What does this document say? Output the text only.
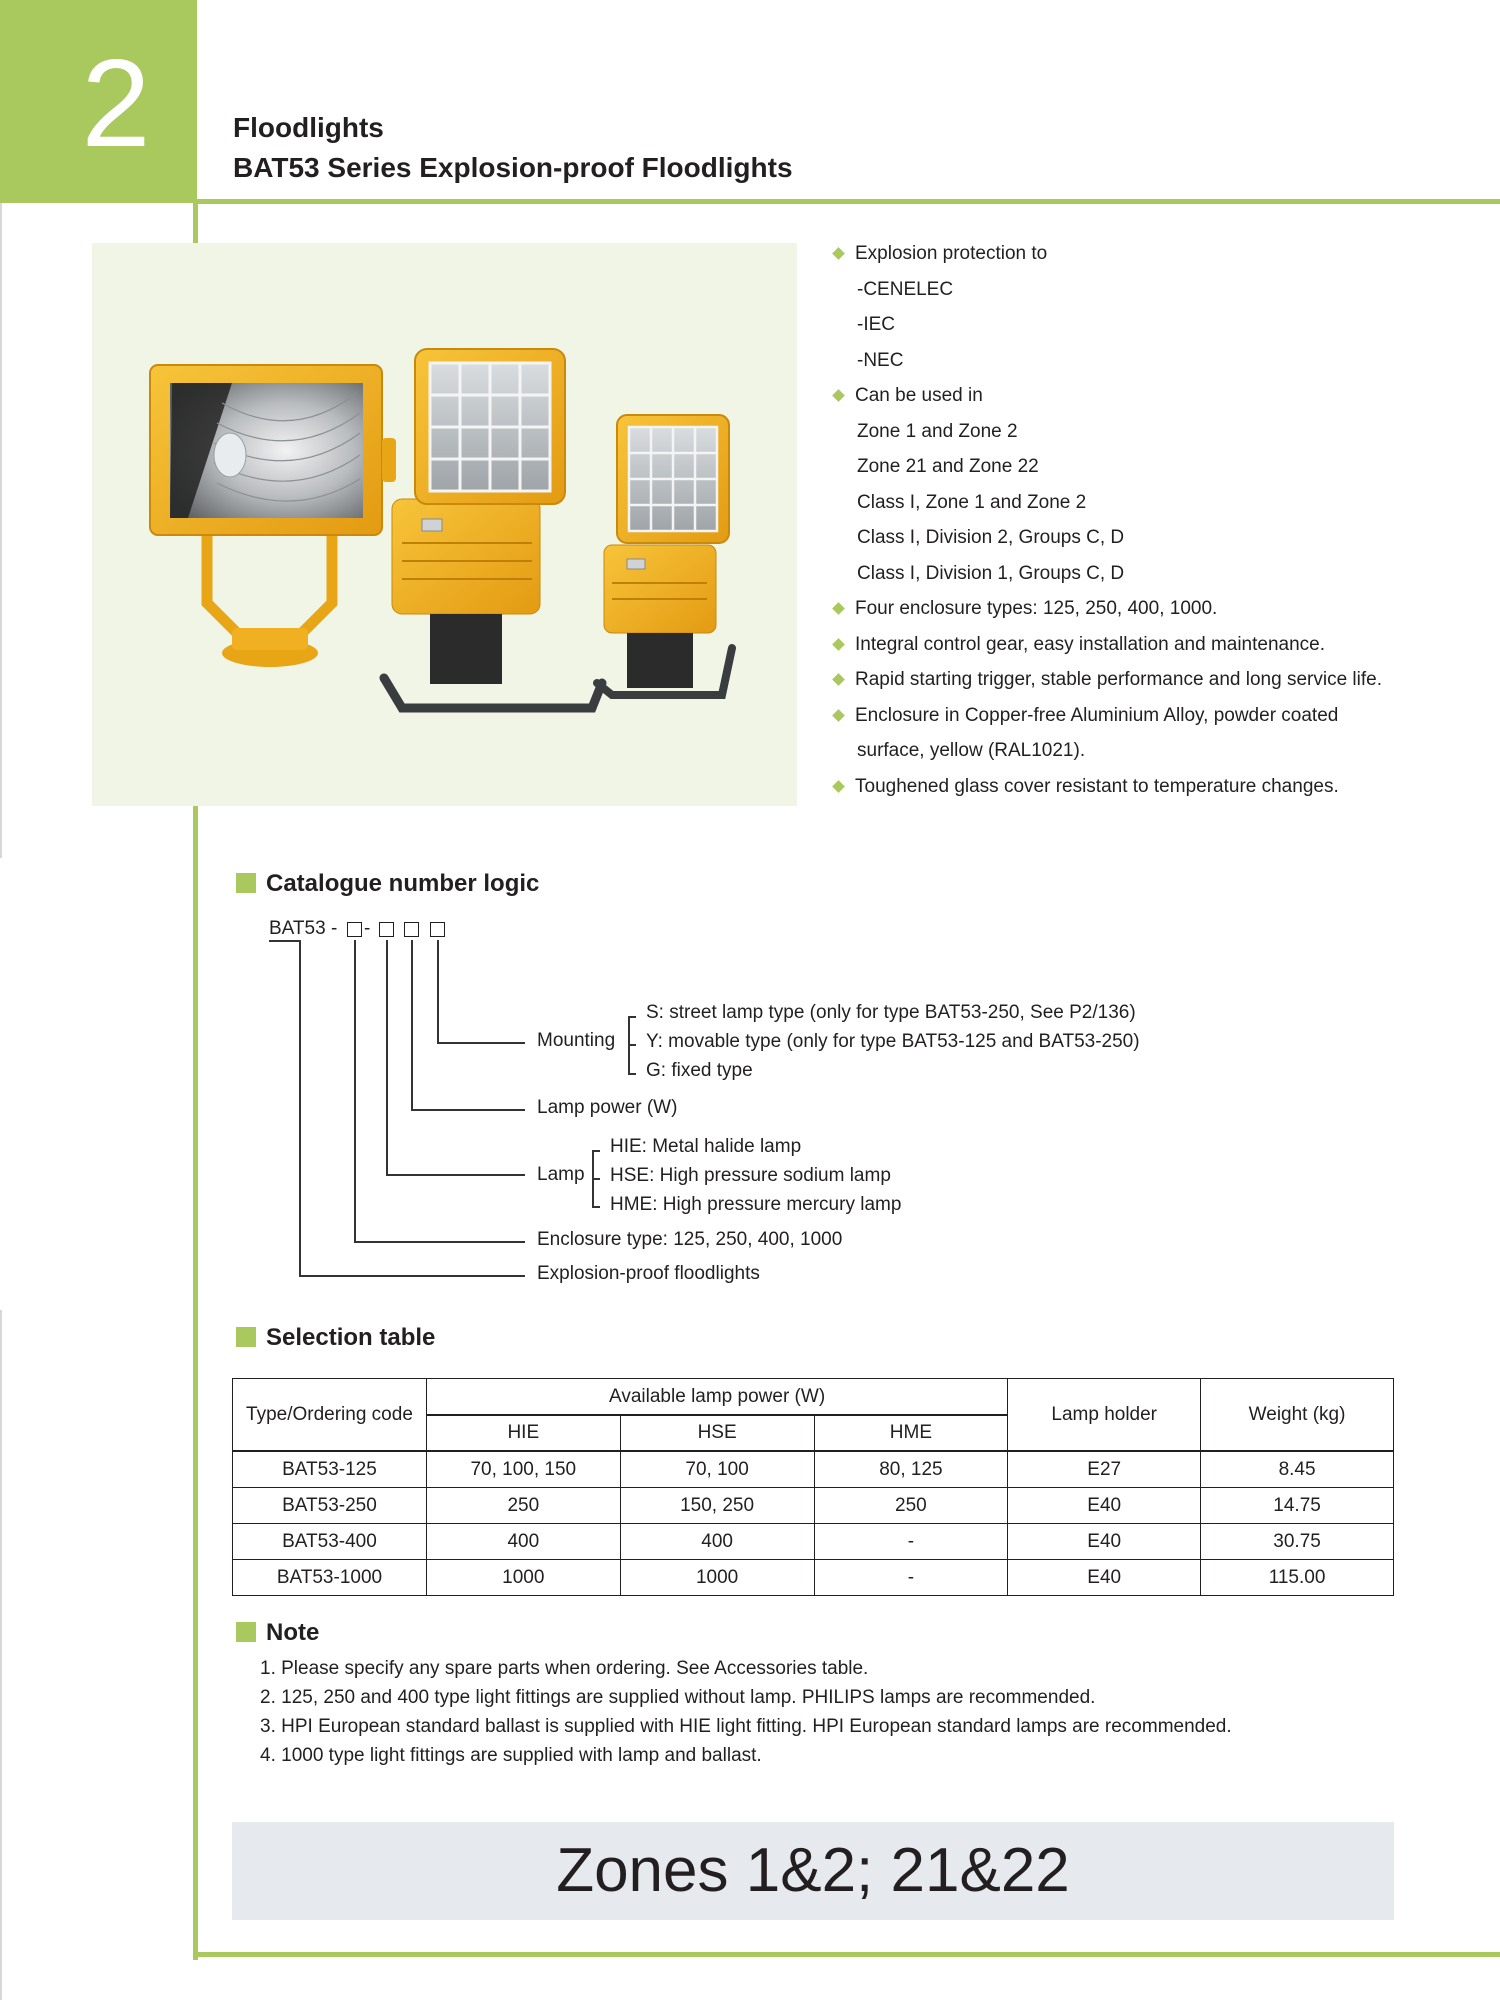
2	Floodlights
BAT53 Series Explosion-proof Floodlights
Explosion protection to
-CENELEC
-IEC
-NEC
Can be used in
Zone 1 and Zone 2
Zone 21 and Zone 22
Class I, Zone 1 and Zone 2
Class I, Division 2, Groups C, D
Class I, Division 1, Groups C, D
Four enclosure types: 125, 250, 400, 1000.
Integral control gear, easy installation and maintenance.
Rapid starting trigger, stable performance and long service life.
Enclosure in Copper-free Aluminium Alloy, powder coated
surface, yellow (RAL1021).
Toughened glass cover resistant to temperature changes.
Catalogue number logic
BAT53 - -
Mounting
S: street lamp type (only for type BAT53-250, See P2/136)
Y: movable type (only for type BAT53-125 and BAT53-250)
G: fixed type
Lamp power (W)
Lamp
HIE: Metal halide lamp
HSE: High pressure sodium lamp
HME: High pressure mercury lamp
Enclosure type: 125, 250, 400, 1000
Explosion-proof floodlights
Selection table
Type/Ordering code	Available lamp power (W)			Lamp holder	Weight (kg)
	HIE	HSE	HME		
BAT53-125	70, 100, 150	70, 100	80, 125	E27	8.45
BAT53-250	250	150, 250	250	E40	14.75
BAT53-400	400	400	-	E40	30.75
BAT53-1000	1000	1000	-	E40	115.00
Note
1. Please specify any spare parts when ordering. See Accessories table.
2. 125, 250 and 400 type light fittings are supplied without lamp. PHILIPS lamps are recommended.
3. HPI European standard ballast is supplied with HIE light fitting. HPI European standard lamps are recommended.
4. 1000 type light fittings are supplied with lamp and ballast.
Zones 1&2; 21&22
